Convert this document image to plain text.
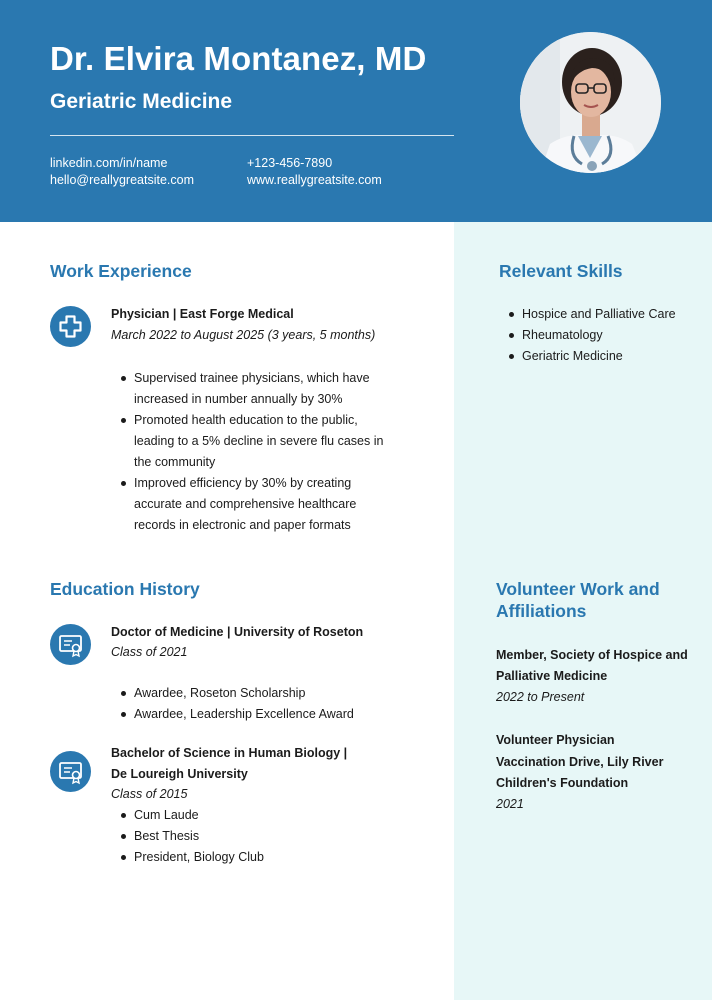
Dr. Elvira Montanez, MD
Geriatric Medicine
linkedin.com/in/name
hello@reallygreatsite.com
+123-456-7890
www.reallygreatsite.com
Work Experience
Physician | East Forge Medical
March 2022 to August 2025 (3 years, 5 months)
Supervised trainee physicians, which have increased in number annually by 30%
Promoted health education to the public, leading to a 5% decline in severe flu cases in the community
Improved efficiency by 30% by creating accurate and comprehensive healthcare records in electronic and paper formats
Education History
Doctor of Medicine | University of Roseton
Class of 2021
Awardee, Roseton Scholarship
Awardee, Leadership Excellence Award
Bachelor of Science in Human Biology |
De Loureigh University
Class of 2015
Cum Laude
Best Thesis
President, Biology Club
Relevant Skills
Hospice and Palliative Care
Rheumatology
Geriatric Medicine
Volunteer Work and
Affiliations
Member, Society of Hospice and
Palliative Medicine
2022 to Present
Volunteer Physician
Vaccination Drive, Lily River
Children's Foundation
2021
